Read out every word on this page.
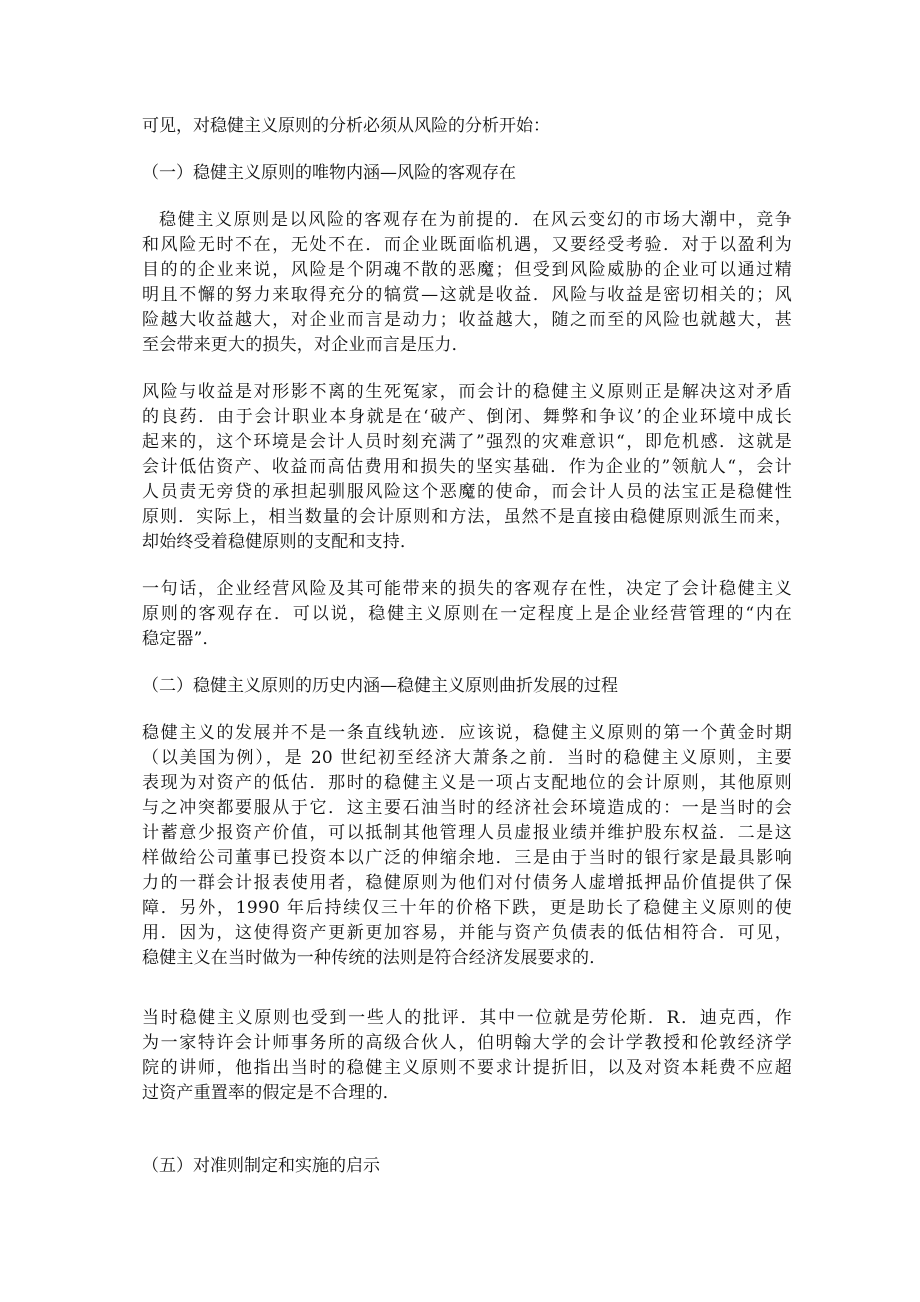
可见，对稳健主义原则的分析必须从风险的分析开始：
（一）稳健主义原则的唯物内涵—风险的客观存在
稳健主义原则是以风险的客观存在为前提的．在风云变幻的市场大潮中，竞争
和风险无时不在，无处不在．而企业既面临机遇，又要经受考验．对于以盈利为
目的的企业来说，风险是个阴魂不散的恶魔；但受到风险威胁的企业可以通过精
明且不懈的努力来取得充分的犒赏—这就是收益．风险与收益是密切相关的；风
险越大收益越大，对企业而言是动力；收益越大，随之而至的风险也就越大，甚
至会带来更大的损失，对企业而言是压力．
风险与收益是对形影不离的生死冤家，而会计的稳健主义原则正是解决这对矛盾
的良药．由于会计职业本身就是在‘破产、倒闭、舞弊和争议’的企业环境中成长
起来的，这个环境是会计人员时刻充满了”强烈的灾难意识“，即危机感．这就是
会计低估资产、收益而高估费用和损失的坚实基础．作为企业的”领航人“，会计
人员责无旁贷的承担起驯服风险这个恶魔的使命，而会计人员的法宝正是稳健性
原则．实际上，相当数量的会计原则和方法，虽然不是直接由稳健原则派生而来，
却始终受着稳健原则的支配和支持．
一句话，企业经营风险及其可能带来的损失的客观存在性，决定了会计稳健主义
原则的客观存在．可以说，稳健主义原则在一定程度上是企业经营管理的“内在
稳定器”．
（二）稳健主义原则的历史内涵—稳健主义原则曲折发展的过程
稳健主义的发展并不是一条直线轨迹．应该说，稳健主义原则的第一个黄金时期
（以美国为例），是 20 世纪初至经济大萧条之前．当时的稳健主义原则，主要
表现为对资产的低估．那时的稳健主义是一项占支配地位的会计原则，其他原则
与之冲突都要服从于它．这主要石油当时的经济社会环境造成的：一是当时的会
计蓄意少报资产价值，可以抵制其他管理人员虚报业绩并维护股东权益．二是这
样做给公司董事已投资本以广泛的伸缩余地．三是由于当时的银行家是最具影响
力的一群会计报表使用者，稳健原则为他们对付债务人虚增抵押品价值提供了保
障．另外，1990 年后持续仅三十年的价格下跌，更是助长了稳健主义原则的使
用．因为，这使得资产更新更加容易，并能与资产负债表的低估相符合．可见，
稳健主义在当时做为一种传统的法则是符合经济发展要求的．
当时稳健主义原则也受到一些人的批评．其中一位就是劳伦斯．R．迪克西，作
为一家特许会计师事务所的高级合伙人，伯明翰大学的会计学教授和伦敦经济学
院的讲师，他指出当时的稳健主义原则不要求计提折旧，以及对资本耗费不应超
过资产重置率的假定是不合理的．
（五）对准则制定和实施的启示
